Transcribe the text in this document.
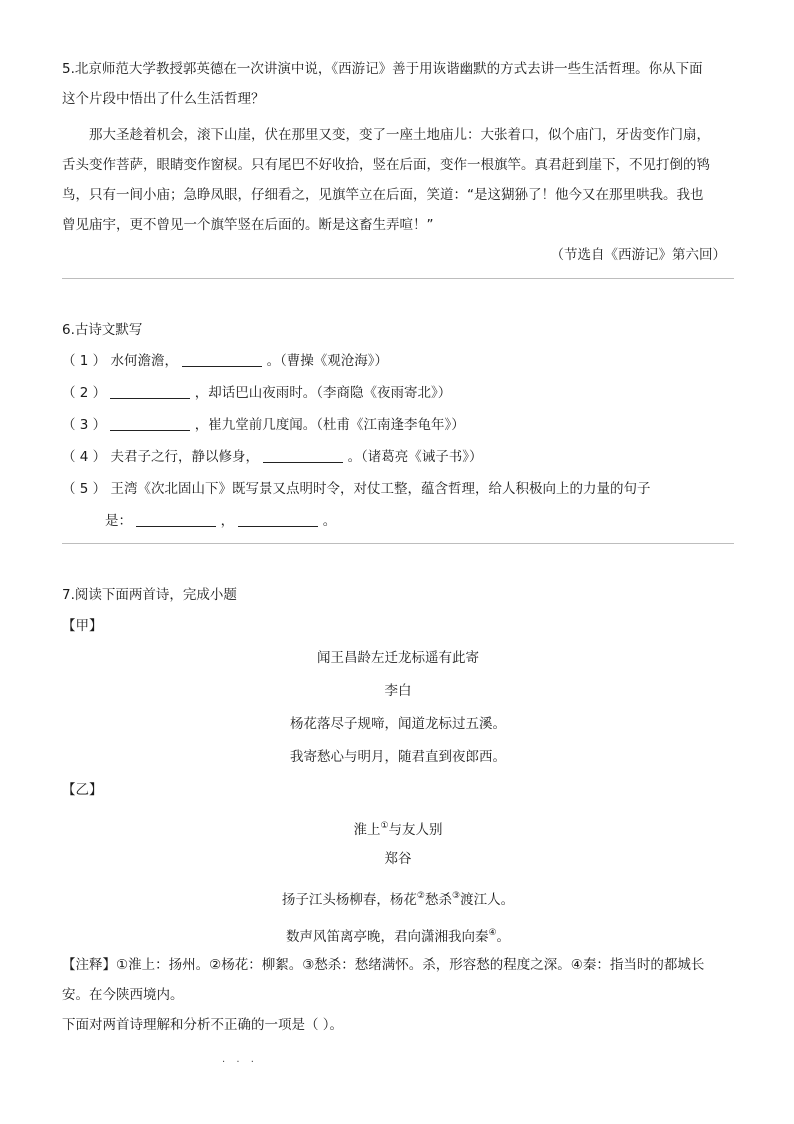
5.北京师范大学教授郭英德在一次讲演中说，《西游记》善于用诙谐幽默的方式去讲一些生活哲理。你从下面
这个片段中悟出了什么生活哲理？
那大圣趁着机会，滚下山崖，伏在那里又变，变了一座土地庙儿：大张着口，似个庙门，牙齿变作门扇，
舌头变作菩萨，眼睛变作窗棂。只有尾巴不好收拾，竖在后面，变作一根旗竿。真君赶到崖下，不见打倒的鸨
鸟，只有一间小庙；急睁凤眼，仔细看之，见旗竿立在后面，笑道：“是这猢狲了！他今又在那里哄我。我也
曾见庙宇，更不曾见一个旗竿竖在后面的。断是这畜生弄喧！”
（节选自《西游记》第六回）
6.古诗文默写
（ 1 ） 水何澹澹，	。（曹操《观沧海》）
（ 2 ）	，却话巴山夜雨时。（李商隐《夜雨寄北》）
（ 3 ）	，崔九堂前几度闻。（杜甫《江南逢李龟年》）
（ 4 ） 夫君子之行，静以修身，	。（诸葛亮《诫子书》）
（ 5 ） 王湾《次北固山下》既写景又点明时令，对仗工整，蕴含哲理，给人积极向上的力量的句子
是：	，	。
7.阅读下面两首诗，完成小题
【甲】
闻王昌龄左迁龙标遥有此寄
李白
杨花落尽子规啼，闻道龙标过五溪。
我寄愁心与明月，随君直到夜郎西。
【乙】
淮上①与友人别
郑谷
扬子江头杨柳春，杨花②愁杀③渡江人。
数声风笛离亭晚，君向潇湘我向秦④。
【注释】①淮上：扬州。②杨花：柳絮。③愁杀：愁绪满怀。杀，形容愁的程度之深。④秦：指当时的都城长
安。在今陕西境内。
下面对两首诗理解和分析不正确的一项是（ ）。
· · ·
